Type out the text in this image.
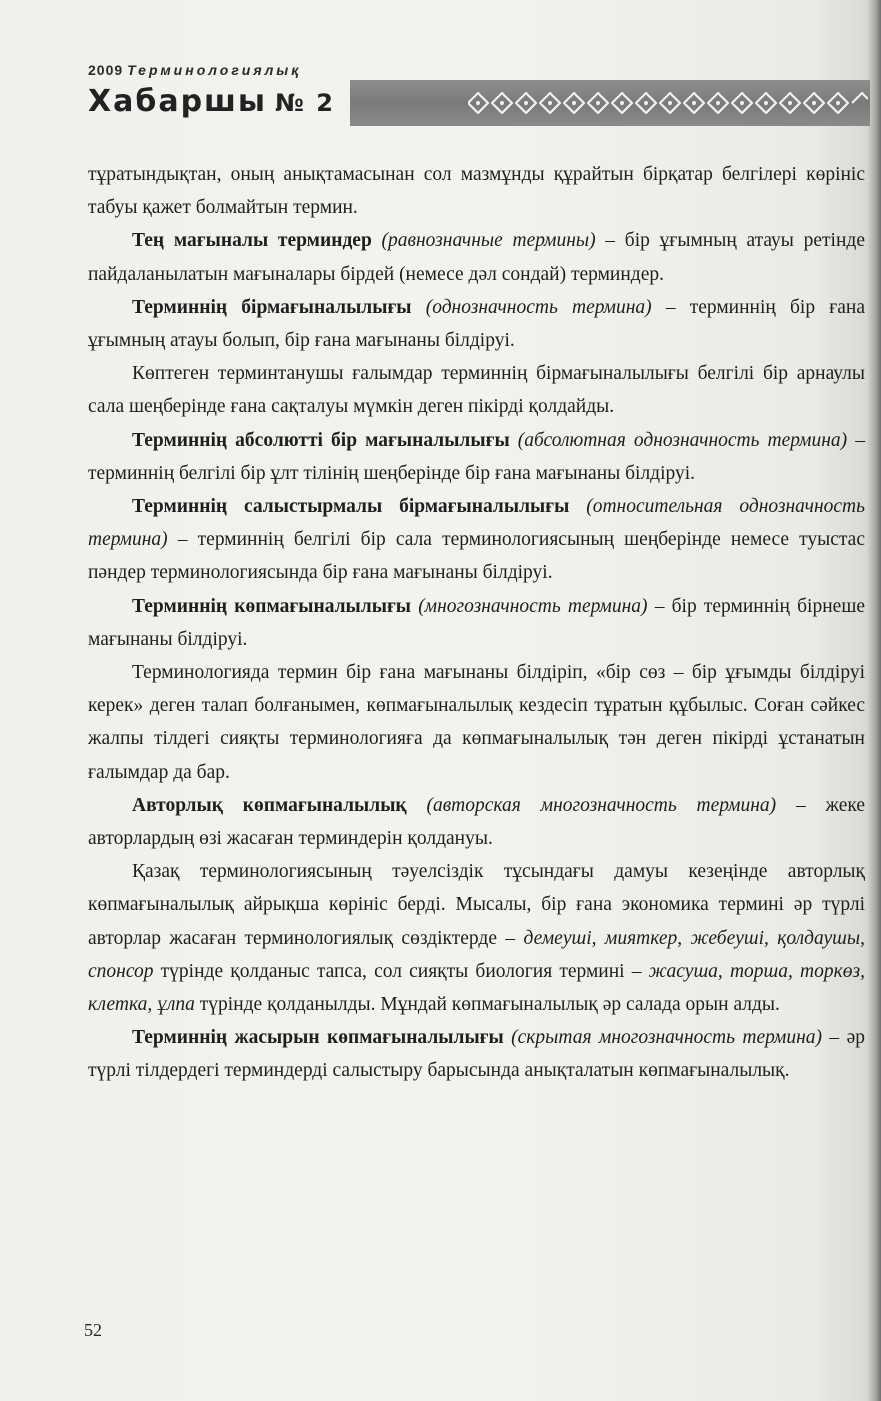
2009 Терминологиялық
Хабаршы № 2

тұратындықтан, оның анықтамасынан сол мазмұнды құрайтын бірқатар белгілері көрініс табуы қажет болмайтын термин.

Тең мағыналы терминдер (равнозначные термины) – бір ұғымның атауы ретінде пайдаланылатын мағыналары бірдей (немесе дәл сондай) терминдер.

Терминнің бірмағыналылығы (однозначность термина) – терминнің бір ғана ұғымның атауы болып, бір ғана мағынаны білдіруі.

Көптеген терминтанушы ғалымдар терминнің бірмағыналылығы белгілі бір арнаулы сала шеңберінде ғана сақталуы мүмкін деген пікірді қолдайды.

Терминнің абсолютті бір мағыналылығы (абсолютная однозначность термина) – терминнің белгілі бір ұлт тілінің шеңберінде бір ғана мағынаны білдіруі.

Терминнің салыстырмалы бірмағыналылығы (относительная однозначность термина) – терминнің белгілі бір сала терминологиясының шеңберінде немесе туыстас пәндер терминологиясында бір ғана мағынаны білдіруі.

Терминнің көпмағыналылығы (многозначность термина) – бір терминнің бірнеше мағынаны білдіруі.

Терминологияда термин бір ғана мағынаны білдіріп, «бір сөз – бір ұғымды білдіруі керек» деген талап болғанымен, көпмағыналылық кездесіп тұратын құбылыс. Соған сәйкес жалпы тілдегі сияқты терминологияға да көпмағыналылық тән деген пікірді ұстанатын ғалымдар да бар.

Авторлық көпмағыналылық (авторская многозначность термина) – жеке авторлардың өзі жасаған терминдерін қолдануы.

Қазақ терминологиясының тәуелсіздік тұсындағы дамуы кезеңінде авторлық көпмағыналылық айрықша көрініс берді. Мысалы, бір ғана экономика термині әр түрлі авторлар жасаған терминологиялық сөздіктерде – демеуші, мияткер, жебеуші, қолдаушы, спонсор түрінде қолданыс тапса, сол сияқты биология термині – жасуша, торша, торкөз, клетка, ұлпа түрінде қолданылды. Мұндай көпмағыналылық әр салада орын алды.

Терминнің жасырын көпмағыналылығы (скрытая многозначность термина) – әр түрлі тілдердегі терминдерді салыстыру барысында анықталатын көпмағыналылық.

52
